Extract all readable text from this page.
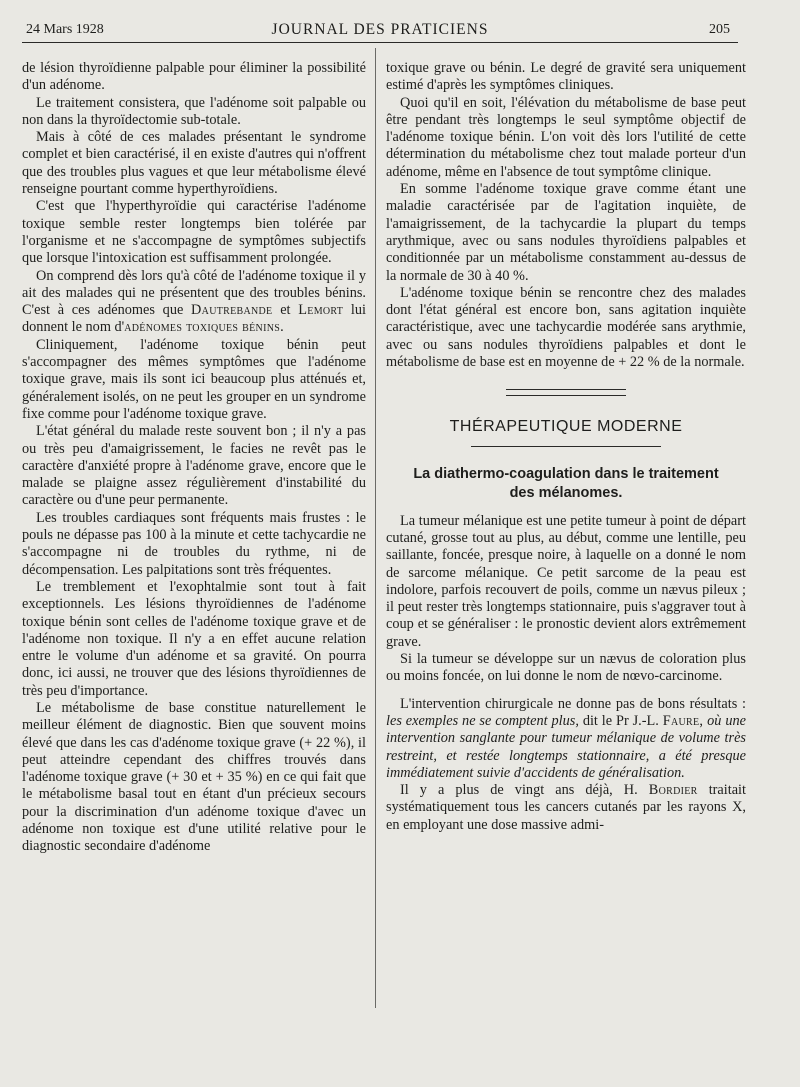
24 Mars 1928	JOURNAL DES PRATICIENS	205

de lésion thyroïdienne palpable pour éliminer la possibilité d'un adénome.

Le traitement consistera, que l'adénome soit palpable ou non dans la thyroïdectomie sub-totale.

Mais à côté de ces malades présentant le syndrome complet et bien caractérisé, il en existe d'autres qui n'offrent que des troubles plus vagues et que leur métabolisme élevé renseigne pourtant comme hyperthyroïdiens.

C'est que l'hyperthyroïdie qui caractérise l'adénome toxique semble rester longtemps bien tolérée par l'organisme et ne s'accompagne de symptômes subjectifs que lorsque l'intoxication est suffisamment prolongée.

On comprend dès lors qu'à côté de l'adénome toxique il y ait des malades qui ne présentent que des troubles bénins. C'est à ces adénomes que Dautrebande et Lemort lui donnent le nom d'adénomes toxiques bénins.

Cliniquement, l'adénome toxique bénin peut s'accompagner des mêmes symptômes que l'adénome toxique grave, mais ils sont ici beaucoup plus atténués et, généralement isolés, on ne peut les grouper en un syndrome fixe comme pour l'adénome toxique grave.

L'état général du malade reste souvent bon ; il n'y a pas ou très peu d'amaigrissement, le facies ne revêt pas le caractère d'anxiété propre à l'adénome grave, encore que le malade se plaigne assez régulièrement d'instabilité du caractère ou d'une peur permanente.

Les troubles cardiaques sont fréquents mais frustes : le pouls ne dépasse pas 100 à la minute et cette tachycardie ne s'accompagne ni de troubles du rythme, ni de décompensation. Les palpitations sont très fréquentes.

Le tremblement et l'exophtalmie sont tout à fait exceptionnels. Les lésions thyroïdiennes de l'adénome toxique bénin sont celles de l'adénome toxique grave et de l'adénome non toxique. Il n'y a en effet aucune relation entre le volume d'un adénome et sa gravité. On pourra donc, ici aussi, ne trouver que des lésions thyroïdiennes de très peu d'importance.

Le métabolisme de base constitue naturellement le meilleur élément de diagnostic. Bien que souvent moins élevé que dans les cas d'adénome toxique grave (+ 22 %), il peut atteindre cependant des chiffres trouvés dans l'adénome toxique grave (+ 30 et + 35 %) en ce qui fait que le métabolisme basal tout en étant d'un précieux secours pour la discrimination d'un adénome toxique d'avec un adénome non toxique est d'une utilité relative pour le diagnostic secondaire d'adénome

toxique grave ou bénin. Le degré de gravité sera uniquement estimé d'après les symptômes cliniques.

Quoi qu'il en soit, l'élévation du métabolisme de base peut être pendant très longtemps le seul symptôme objectif de l'adénome toxique bénin. L'on voit dès lors l'utilité de cette détermination du métabolisme chez tout malade porteur d'un adénome, même en l'absence de tout symptôme clinique.

En somme l'adénome toxique grave comme étant une maladie caractérisée par de l'agitation inquiète, de l'amaigrissement, de la tachycardie la plupart du temps arythmique, avec ou sans nodules thyroïdiens palpables et conditionnée par un métabolisme constamment au-dessus de la normale de 30 à 40 %.

L'adénome toxique bénin se rencontre chez des malades dont l'état général est encore bon, sans agitation inquiète caractéristique, avec une tachycardie modérée sans arythmie, avec ou sans nodules thyroïdiens palpables et dont le métabolisme de base est en moyenne de + 22 % de la normale.

THÉRAPEUTIQUE MODERNE
La diathermo-coagulation dans le traitement
des mélanomes.

La tumeur mélanique est une petite tumeur à point de départ cutané, grosse tout au plus, au début, comme une lentille, peu saillante, foncée, presque noire, à laquelle on a donné le nom de sarcome mélanique. Ce petit sarcome de la peau est indolore, parfois recouvert de poils, comme un nævus pileux ; il peut rester très longtemps stationnaire, puis s'aggraver tout à coup et se généraliser : le pronostic devient alors extrêmement grave.

Si la tumeur se développe sur un nævus de coloration plus ou moins foncée, on lui donne le nom de nœvo-carcinome.

L'intervention chirurgicale ne donne pas de bons résultats : les exemples ne se comptent plus, dit le Pr J.-L. Faure, où une intervention sanglante pour tumeur mélanique de volume très restreint, et restée longtemps stationnaire, a été presque immédiatement suivie d'accidents de généralisation.

Il y a plus de vingt ans déjà, H. Bordier traitait systématiquement tous les cancers cutanés par les rayons X, en employant une dose massive admi-
